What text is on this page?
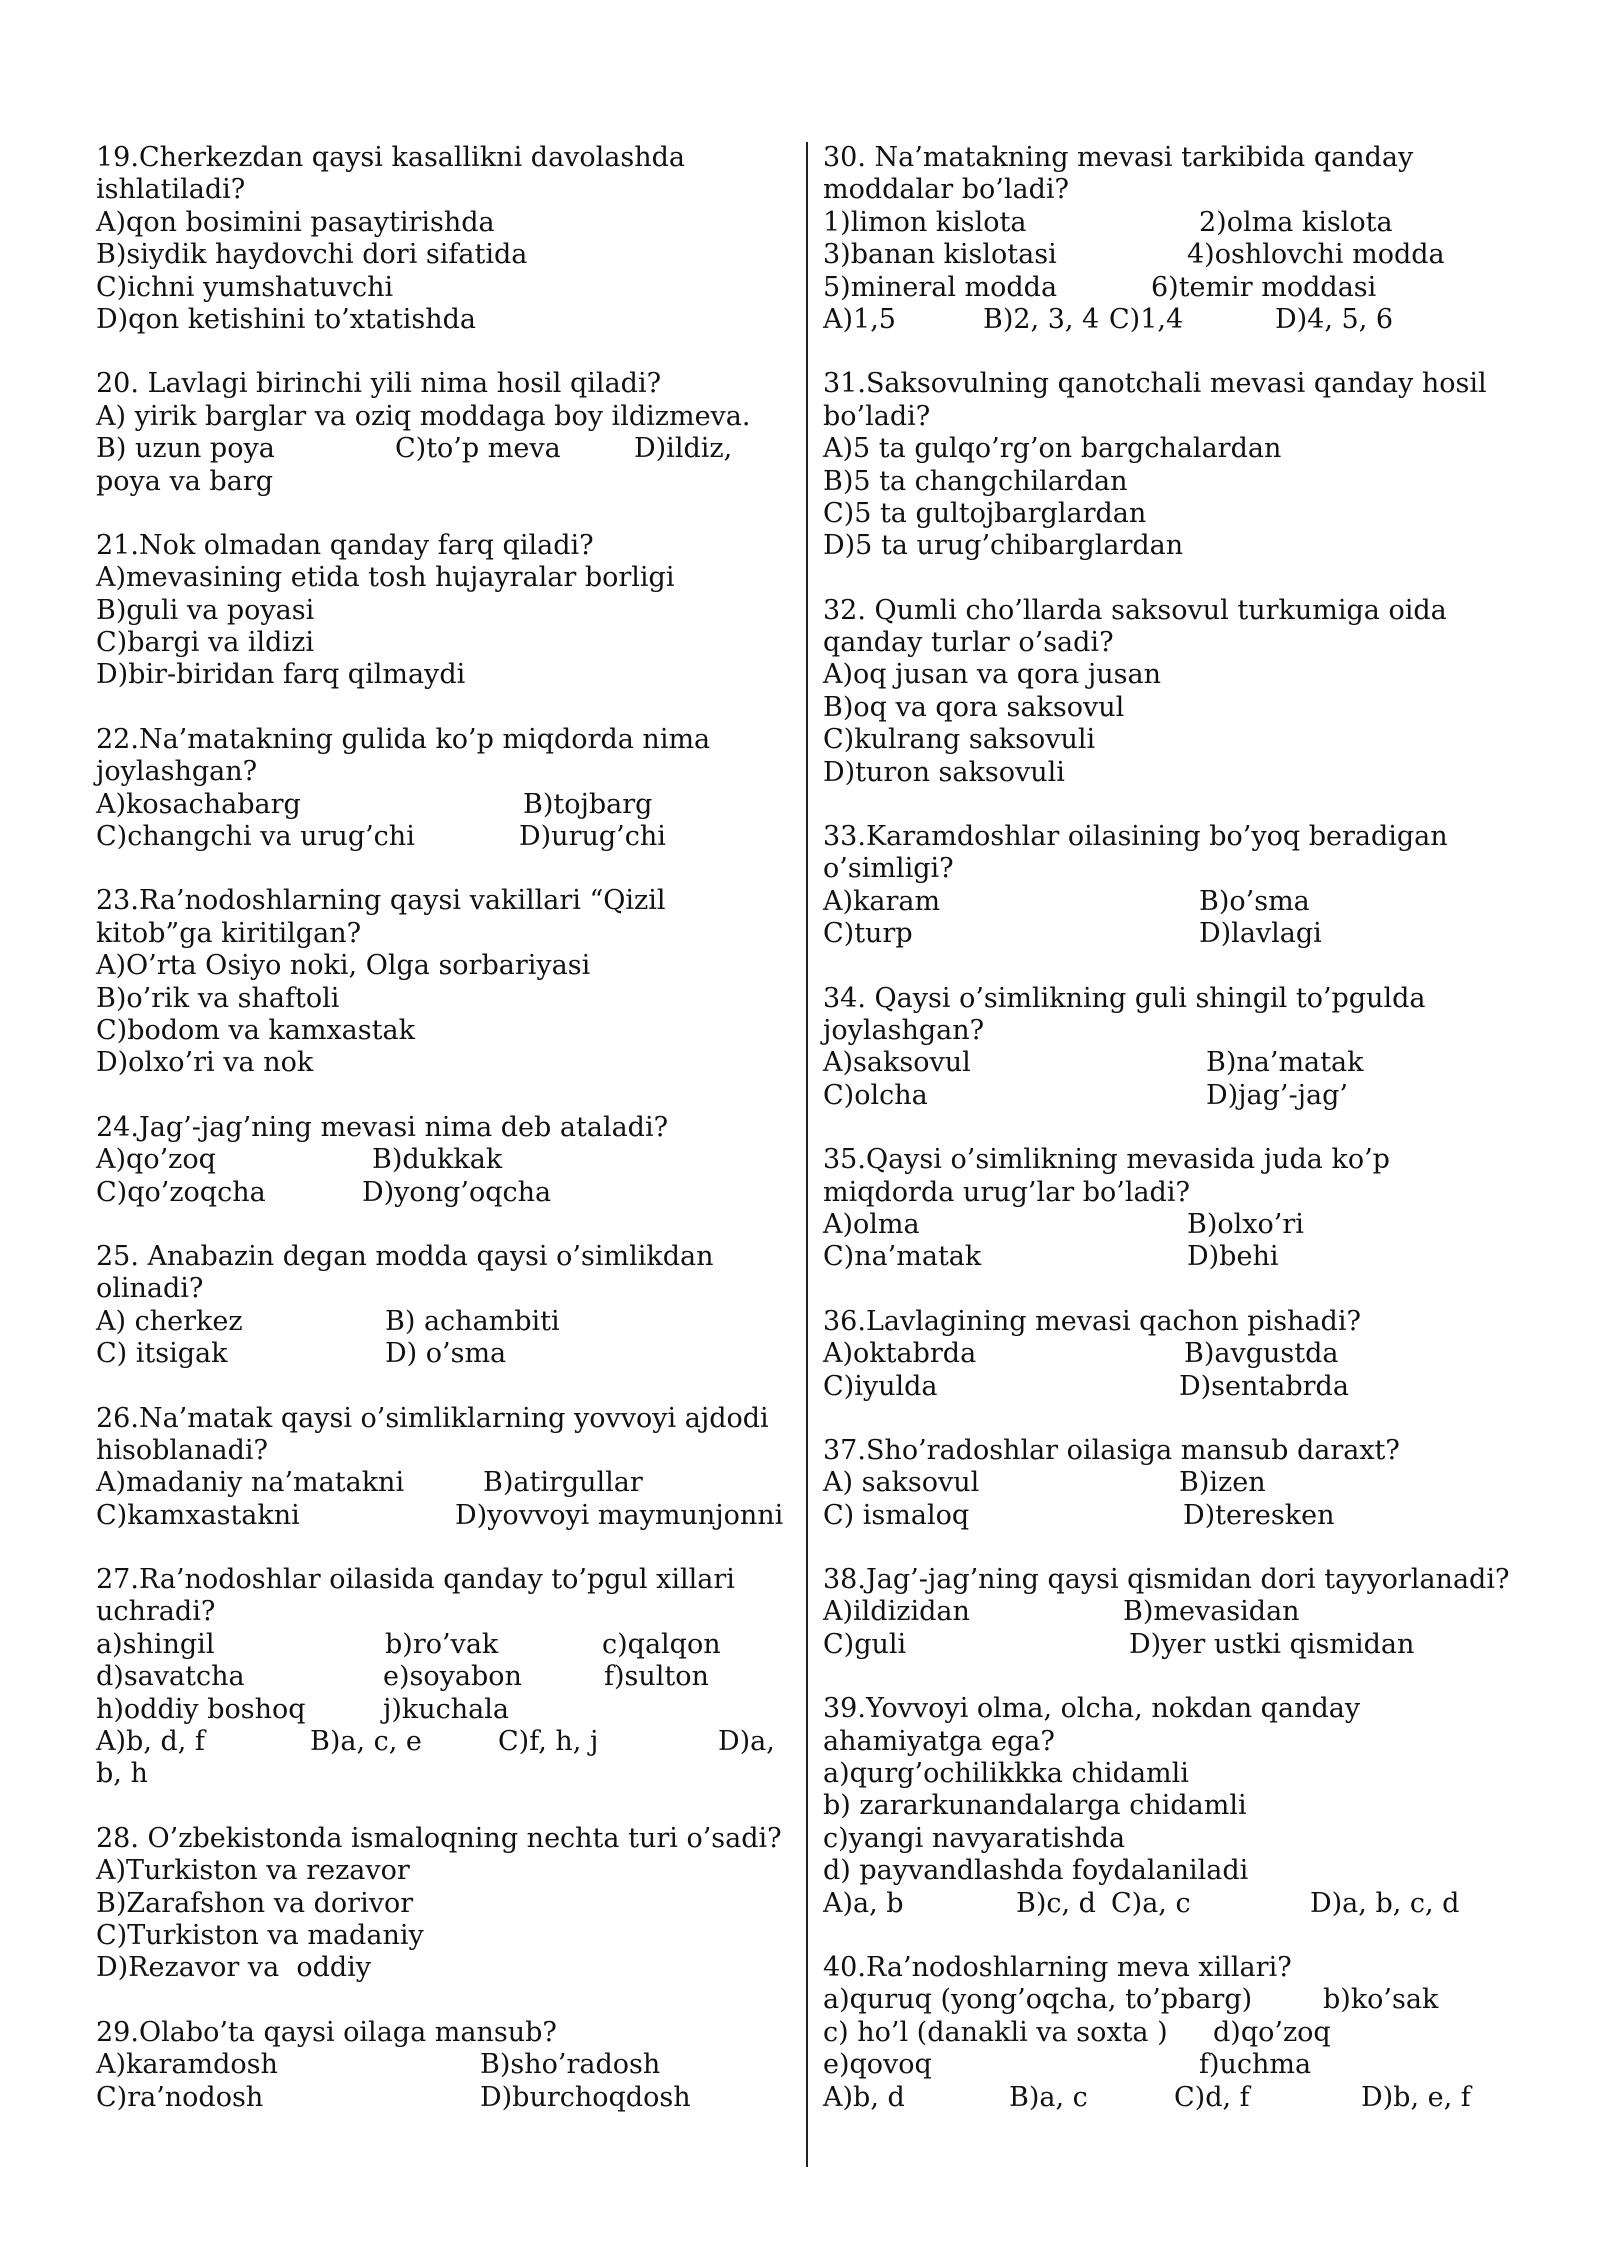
19.Cherkezdan qaysi kasallikni davolashda
ishlatiladi?
A)qon bosimini pasaytirishda
B)siydik haydovchi dori sifatida
C)ichni yumshatuvchi
D)qon ketishini to’xtatishda
20. Lavlagi birinchi yili nima hosil qiladi?
A) yirik barglar va oziq moddaga boy ildizmeva.
B) uzun poya	C)to’p meva	D)ildiz,
poya va barg
21.Nok olmadan qanday farq qiladi?
A)mevasining etida tosh hujayralar borligi
B)guli va poyasi
C)bargi va ildizi
D)bir-biridan farq qilmaydi
22.Na’matakning gulida ko’p miqdorda nima
joylashgan?
A)kosachabarg	B)tojbarg
C)changchi va urug’chi	D)urug’chi
23.Ra’nodoshlarning qaysi vakillari “Qizil
kitob”ga kiritilgan?
A)O’rta Osiyo noki, Olga sorbariyasi
B)o’rik va shaftoli
C)bodom va kamxastak
D)olxo’ri va nok
24.Jag’-jag’ning mevasi nima deb ataladi?
A)qo’zoq	B)dukkak
C)qo’zoqcha	D)yong’oqcha
25. Anabazin degan modda qaysi o’simlikdan
olinadi?
A) cherkez	B) achambiti
C) itsigak	D) o’sma
26.Na’matak qaysi o’simliklarning yovvoyi ajdodi
hisoblanadi?
A)madaniy na’matakni	B)atirgullar
C)kamxastakni	D)yovvoyi maymunjonni
27.Ra’nodoshlar oilasida qanday to’pgul xillari
uchradi?
a)shingil	b)ro’vak	c)qalqon
d)savatcha	e)soyabon	f)sulton
h)oddiy boshoq	j)kuchala
A)b, d, f	B)a, c, e	C)f, h, j	D)a,
b, h
28. O’zbekistonda ismaloqning nechta turi o’sadi?
A)Turkiston va rezavor
B)Zarafshon va dorivor
C)Turkiston va madaniy
D)Rezavor va  oddiy
29.Olabo’ta qaysi oilaga mansub?
A)karamdosh	B)sho’radosh
C)ra’nodosh	D)burchoqdosh
30. Na’matakning mevasi tarkibida qanday
moddalar bo’ladi?
1)limon kislota	2)olma kislota
3)banan kislotasi	4)oshlovchi modda
5)mineral modda	6)temir moddasi
A)1,5	B)2, 3, 4 C)1,4	D)4, 5, 6
31.Saksovulning qanotchali mevasi qanday hosil
bo’ladi?
A)5 ta gulqo’rg’on bargchalardan
B)5 ta changchilardan
C)5 ta gultojbarglardan
D)5 ta urug’chibarglardan
32. Qumli cho’llarda saksovul turkumiga oida
qanday turlar o’sadi?
A)oq jusan va qora jusan
B)oq va qora saksovul
C)kulrang saksovuli
D)turon saksovuli
33.Karamdoshlar oilasining bo’yoq beradigan
o’simligi?
A)karam	B)o’sma
C)turp	D)lavlagi
34. Qaysi o’simlikning guli shingil to’pgulda
joylashgan?
A)saksovul	B)na’matak
C)olcha	D)jag’-jag’
35.Qaysi o’simlikning mevasida juda ko’p
miqdorda urug’lar bo’ladi?
A)olma	B)olxo’ri
C)na’matak	D)behi
36.Lavlagining mevasi qachon pishadi?
A)oktabrda	B)avgustda
C)iyulda	D)sentabrda
37.Sho’radoshlar oilasiga mansub daraxt?
A) saksovul	B)izen
C) ismaloq	D)teresken
38.Jag’-jag’ning qaysi qismidan dori tayyorlanadi?
A)ildizidan	B)mevasidan
C)guli	D)yer ustki qismidan
39.Yovvoyi olma, olcha, nokdan qanday
ahamiyatga ega?
a)qurg’ochilikkka chidamli
b) zararkunandalarga chidamli
c)yangi navyaratishda
d) payvandlashda foydalaniladi
A)a, b	B)c, d C)a, c	D)a, b, c, d
40.Ra’nodoshlarning meva xillari?
a)quruq (yong’oqcha, to’pbarg)	b)ko’sak
c) ho’l (danakli va soxta ) d)qo’zoq
e)qovoq	f)uchma
A)b, d	B)a, c	C)d, f	D)b, e, f
